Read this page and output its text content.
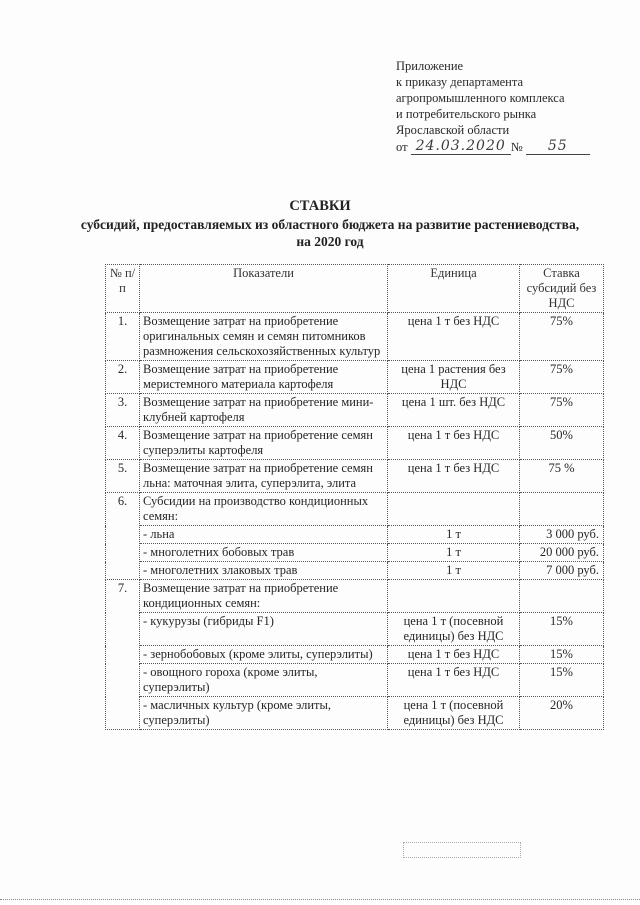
Приложение
к приказу департамента
агропромышленного комплекса
и потребительского рынка
Ярославской области
от
24.03.2020 №
	55
СТАВКИ
субсидий, предоставляемых из областного бюджета на развитие растениеводства, на 2020 год
№ п/п	Показатели	Единица	Ставка субсидий без НДС
1.	Возмещение затрат на приобретение оригинальных семян и семян питомников размножения сельскохозяйственных культур	цена 1 т без НДС	75%
2.	Возмещение затрат на приобретение меристемного материала картофеля	цена 1 растения без НДС	75%
3.	Возмещение затрат на приобретение мини-клубней картофеля	цена 1 шт. без НДС	75%
4.	Возмещение затрат на приобретение семян суперэлиты картофеля	цена 1 т без НДС	50%
5.	Возмещение затрат на приобретение семян льна: маточная элита, суперэлита, элита	цена 1 т без НДС	75 %
6.	Субсидии на производство кондиционных семян:		
	- льна	1 т	3 000 руб.
	- многолетних бобовых трав	1 т	20 000 руб.
	- многолетних злаковых трав	1 т	7 000 руб.
7.	Возмещение затрат на приобретение кондиционных семян:		
	- кукурузы (гибриды F1)	цена 1 т (посевной единицы) без НДС	15%
	- зернобобовых (кроме элиты, суперэлиты)	цена 1 т без НДС	15%
	- овощного гороха (кроме элиты, суперэлиты)	цена 1 т без НДС	15%
	- масличных культур (кроме элиты, суперэлиты)	цена 1 т (посевной единицы) без НДС	20%
